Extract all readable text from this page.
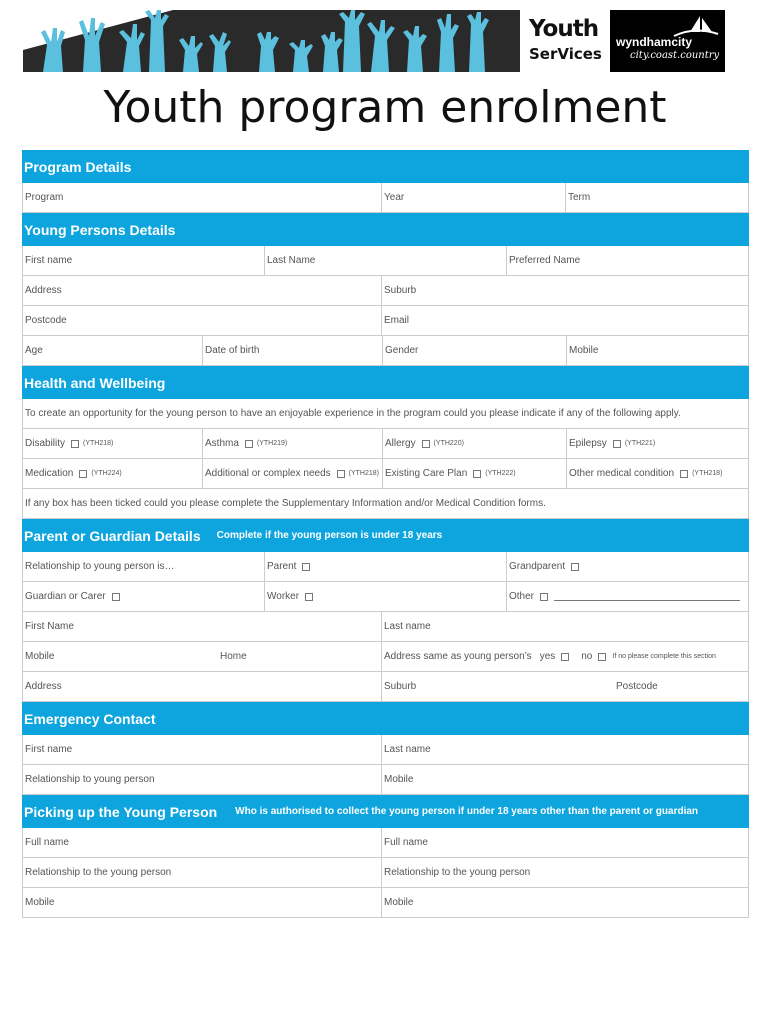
Youth
SerVices
wyndhamcity
city.coast.country
Youth program enrolment
Program Details
Program	Year	Term
Young Persons Details
First name	Last Name	Preferred Name
Address	Suburb
Postcode	Email
Age	Date of birth	Gender	Mobile
Health and Wellbeing
To create an opportunity for the young person to have an enjoyable experience in the program could you please indicate if any of the following apply.
Disability	(YTH218)	Asthma	(YTH219)	Allergy	(YTH220)	Epilepsy	(YTH221)
Medication	(YTH224)	Additional or complex needs	(YTH218) Existing Care Plan	(YTH222)	Other medical condition	(YTH218)
If any box has been ticked could you please complete the Supplementary Information and/or Medical Condition forms.
Parent or Guardian Details Complete if the young person is under 18 years
Relationship to young person is…	Parent	Grandparent
Guardian or Carer	Worker	Other
First Name	Last name
Mobile	Home	Address same as young person’s yes	no	If no please complete this section
Address	Suburb	Postcode
Emergency Contact
First name	Last name
Relationship to young person	Mobile
Picking up the Young Person Who is authorised to collect the young person if under 18 years other than the parent or guardian
Full name	Full name
Relationship to the young person	Relationship to the young person
Mobile	Mobile
